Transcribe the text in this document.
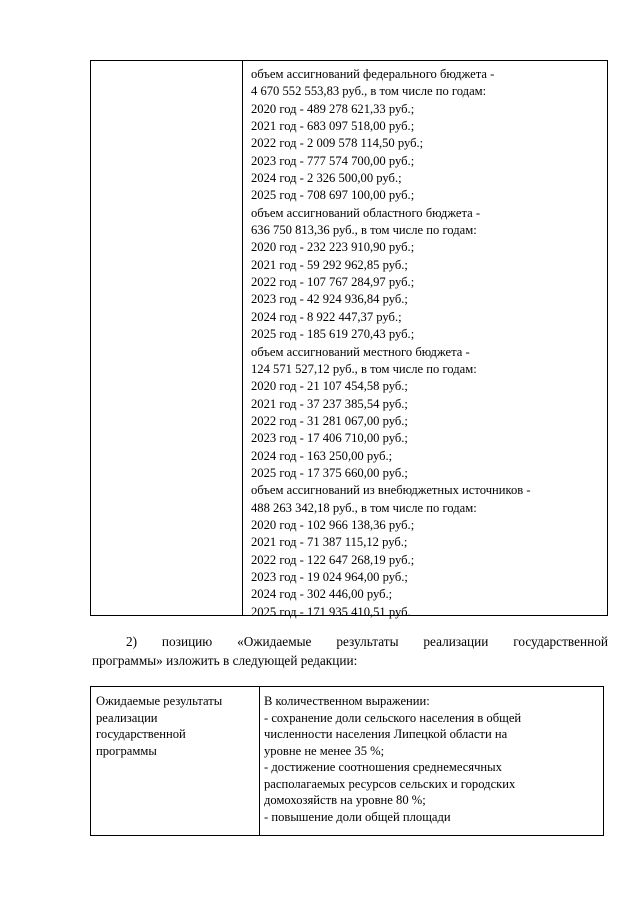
объем ассигнований федерального бюджета -
4 670 552 553,83 руб., в том числе по годам:
2020 год - 489 278 621,33 руб.;
2021 год - 683 097 518,00 руб.;
2022 год - 2 009 578 114,50 руб.;
2023 год - 777 574 700,00 руб.;
2024 год - 2 326 500,00 руб.;
2025 год - 708 697 100,00 руб.;
объем ассигнований областного бюджета -
636 750 813,36 руб., в том числе по годам:
2020 год - 232 223 910,90 руб.;
2021 год - 59 292 962,85 руб.;
2022 год - 107 767 284,97 руб.;
2023 год - 42 924 936,84 руб.;
2024 год - 8 922 447,37 руб.;
2025 год - 185 619 270,43 руб.;
объем ассигнований местного бюджета -
124 571 527,12 руб., в том числе по годам:
2020 год - 21 107 454,58 руб.;
2021 год - 37 237 385,54 руб.;
2022 год - 31 281 067,00 руб.;
2023 год - 17 406 710,00 руб.;
2024 год - 163 250,00 руб.;
2025 год - 17 375 660,00 руб.;
объем ассигнований из внебюджетных источников -
488 263 342,18 руб., в том числе по годам:
2020 год - 102 966 138,36 руб.;
2021 год - 71 387 115,12 руб.;
2022 год - 122 647 268,19 руб.;
2023 год - 19 024 964,00 руб.;
2024 год - 302 446,00 руб.;
2025 год - 171 935 410,51 руб.
2) позицию «Ожидаемые результаты реализации государственной
программы» изложить в следующей редакции:
Ожидаемые результаты
реализации
государственной
программы
В количественном выражении:
- сохранение доли сельского населения в общей
численности населения Липецкой области на
уровне не менее 35 %;
- достижение соотношения среднемесячных
располагаемых ресурсов сельских и городских
домохозяйств на уровне 80 %;
- повышение доли общей площади
